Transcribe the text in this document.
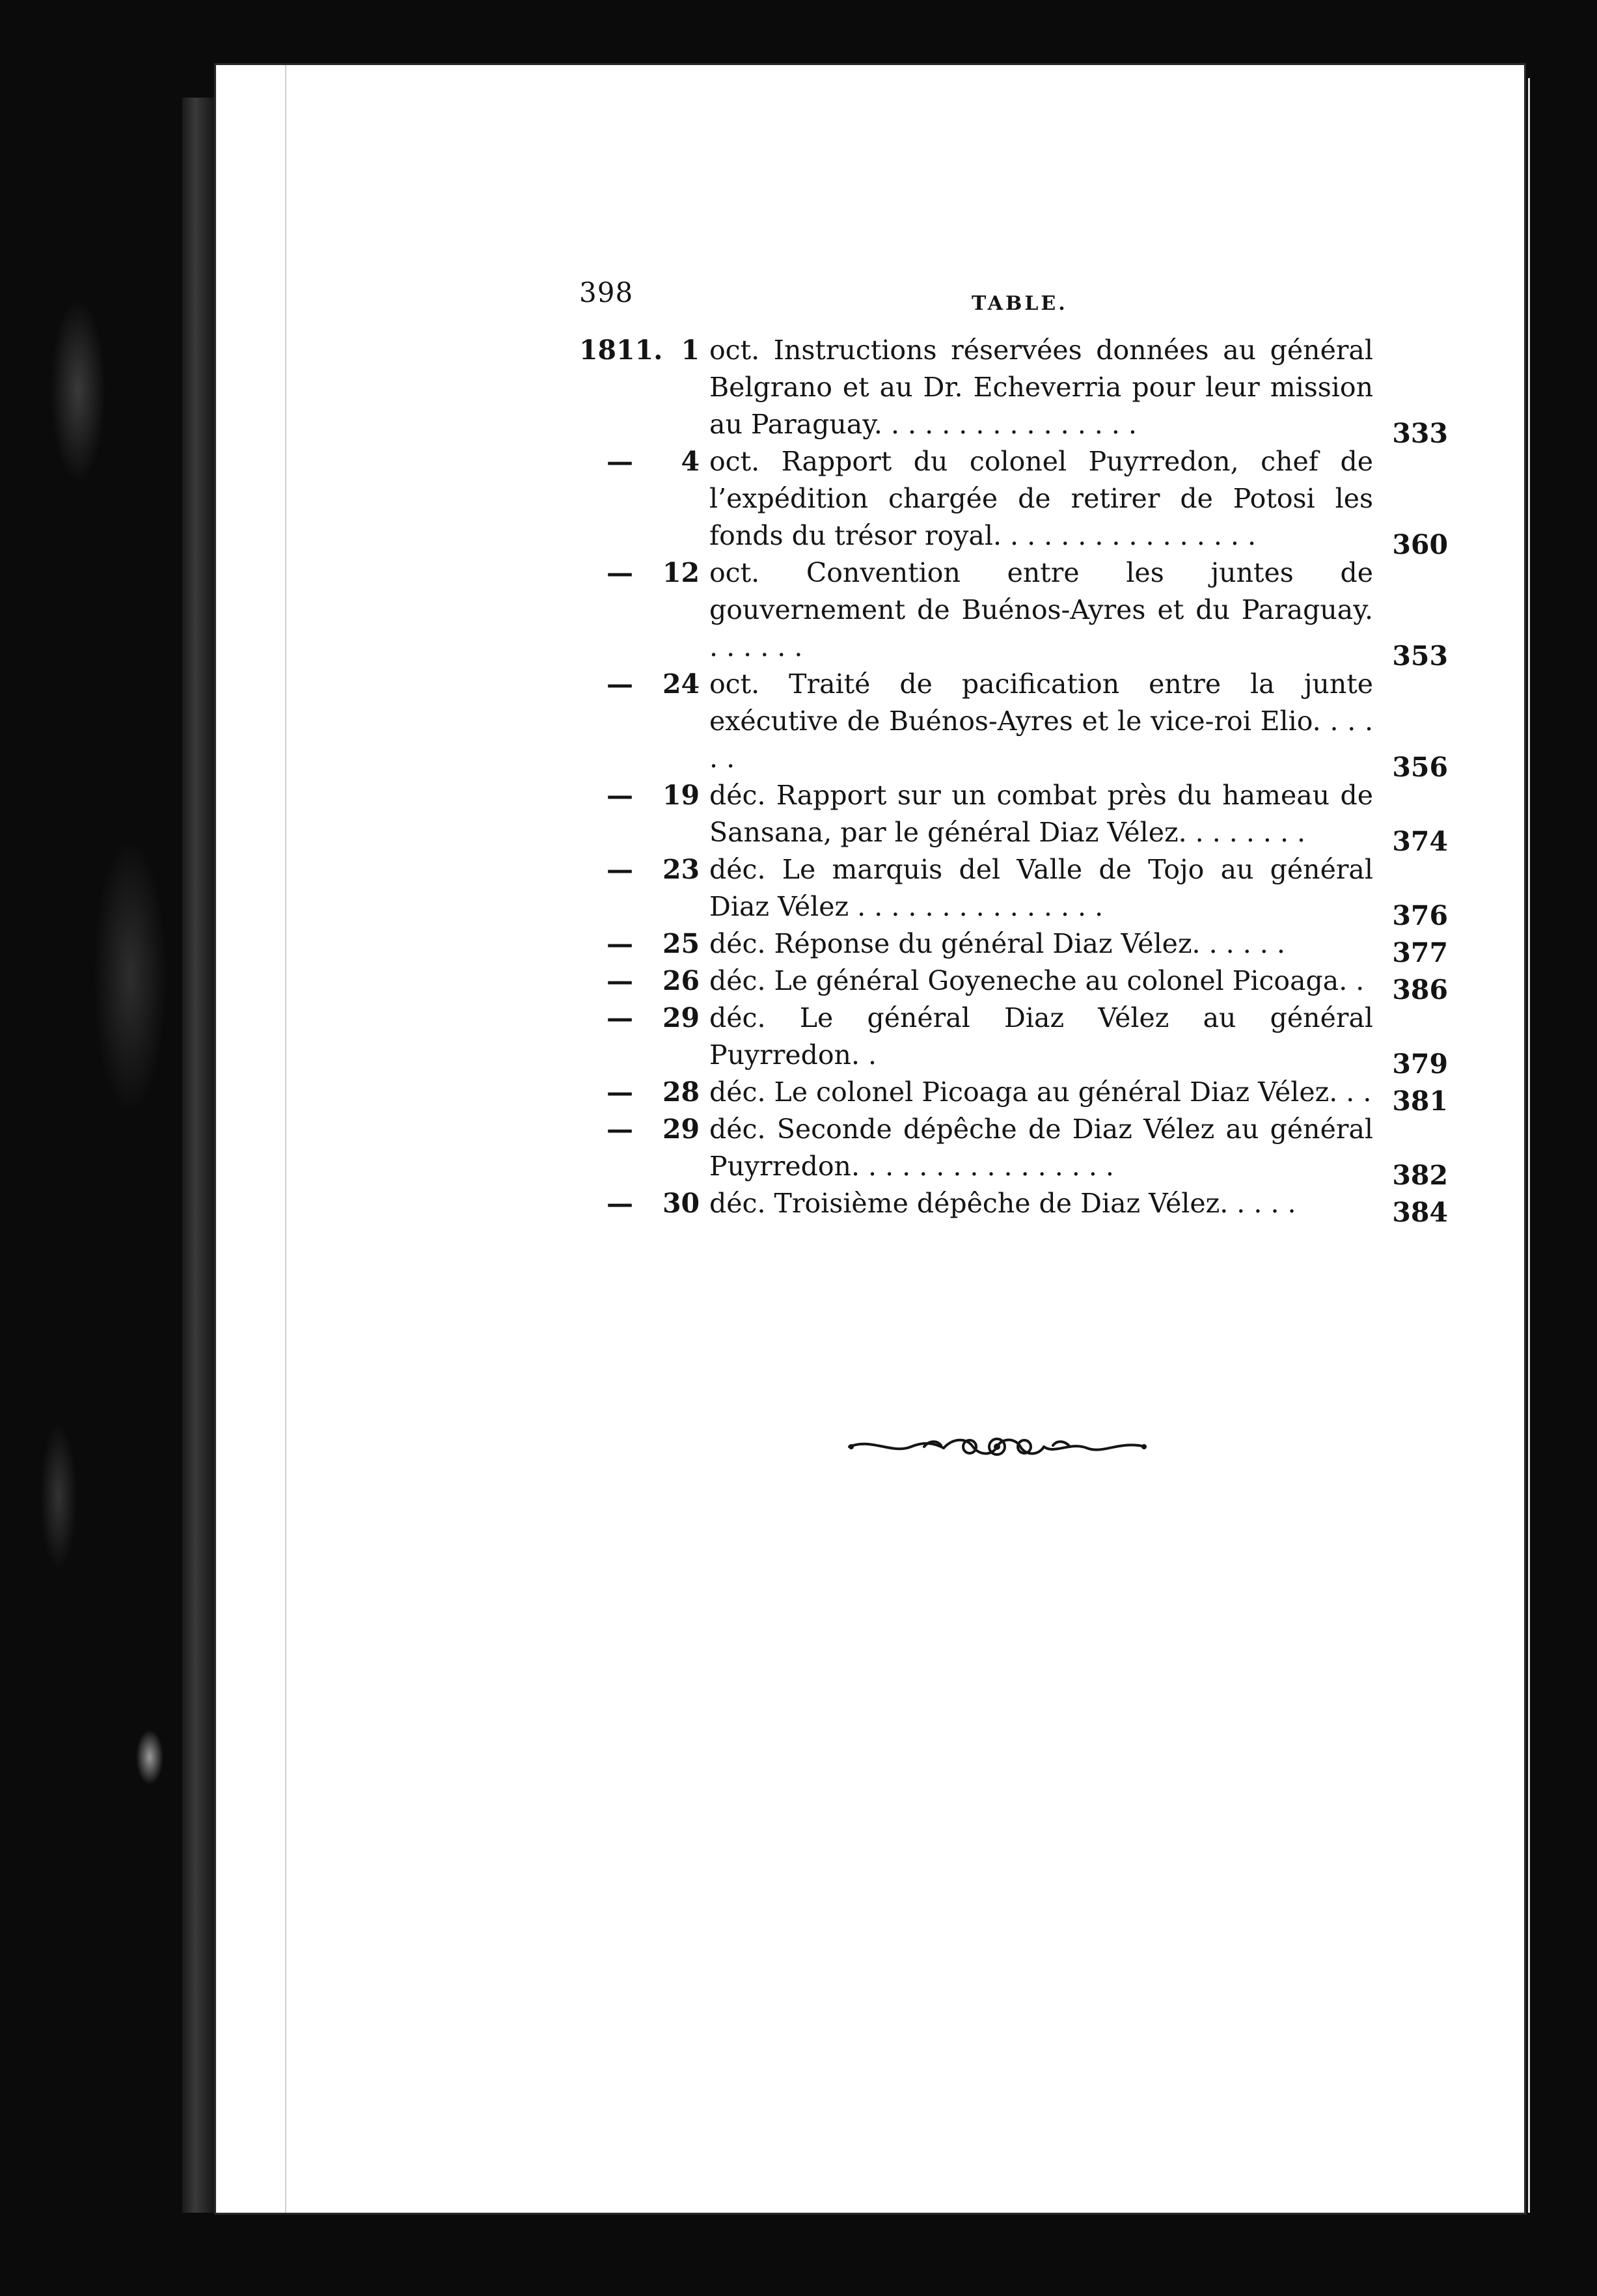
398	TABLE.

1811. 1 oct. Instructions réservées données au général Belgrano et au Dr. Echeverria pour leur mission au Paraguay. . . . . . . . . . . . . . . .	333

—	4 oct. Rapport du colonel Puyrredon, chef de l’expédition chargée de retirer de Potosi les fonds du trésor royal. . . . . . . . . . . . . . . .	360

—	12 oct. Convention entre les juntes de gouvernement de Buénos-Ayres et du Paraguay. . . . . . .	353

—	24 oct. Traité de pacification entre la junte exécutive de Buénos-Ayres et le vice-roi Elio. . . . . .	356

—	19 déc. Rapport sur un combat près du hameau de Sansana, par le général Diaz Vélez. . . . . . . .	374

—	23 déc. Le marquis del Valle de Tojo au général Diaz Vélez . . . . . . . . . . . . . . .	376

—	25 déc. Réponse du général Diaz Vélez. . . . . .	377

—	26 déc. Le général Goyeneche au colonel Picoaga. .	386

—	29 déc. Le général Diaz Vélez au général Puyrredon. .	379

—	28 déc. Le colonel Picoaga au général Diaz Vélez. . . 381

—	29 déc. Seconde dépêche de Diaz Vélez au général Puyrredon. . . . . . . . . . . . . . . .	382

—	30 déc. Troisième dépêche de Diaz Vélez. . . . .	384
